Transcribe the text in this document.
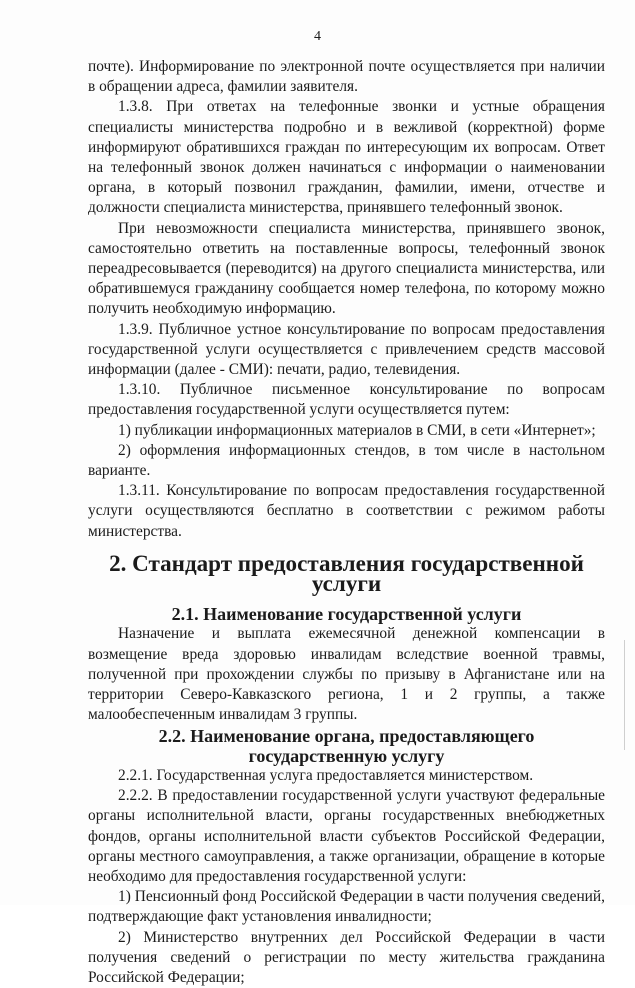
4

почте). Информирование по электронной почте осуществляется при наличии в обращении адреса, фамилии заявителя.

1.3.8. При ответах на телефонные звонки и устные обращения специалисты министерства подробно и в вежливой (корректной) форме информируют обратившихся граждан по интересующим их вопросам. Ответ на телефонный звонок должен начинаться с информации о наименовании органа, в который позвонил гражданин, фамилии, имени, отчестве и должности специалиста министерства, принявшего телефонный звонок.

При невозможности специалиста министерства, принявшего звонок, самостоятельно ответить на поставленные вопросы, телефонный звонок переадресовывается (переводится) на другого специалиста министерства, или обратившемуся гражданину сообщается номер телефона, по которому можно получить необходимую информацию.

1.3.9. Публичное устное консультирование по вопросам предоставления государственной услуги осуществляется с привлечением средств массовой информации (далее - СМИ): печати, радио, телевидения.

1.3.10. Публичное письменное консультирование по вопросам

предоставления государственной услуги осуществляется путем:

1) публикации информационных материалов в СМИ, в сети «Интернет»;

2) оформления информационных стендов, в том числе в настольном варианте.

1.3.11. Консультирование по вопросам предоставления государственной услуги осуществляются бесплатно в соответствии с режимом работы министерства.

2. Стандарт предоставления государственной услуги
2.1. Наименование государственной услуги

Назначение и выплата ежемесячной денежной компенсации в возмещение вреда здоровью инвалидам вследствие военной травмы, полученной при прохождении службы по призыву в Афганистане или на территории Северо-Кавказского региона, 1 и 2 группы, а также малообеспеченным инвалидам 3 группы.

2.2. Наименование органа, предоставляющего государственную услугу

2.2.1. Государственная услуга предоставляется министерством.

2.2.2. В предоставлении государственной услуги участвуют федеральные органы исполнительной власти, органы государственных внебюджетных фондов, органы исполнительной власти субъектов Российской Федерации, органы местного самоуправления, а также организации, обращение в которые необходимо для предоставления государственной услуги:

1) Пенсионный фонд Российской Федерации в части получения сведений, подтверждающие факт установления инвалидности;

2) Министерство внутренних дел Российской Федерации в части получения сведений о регистрации по месту жительства гражданина Российской Федерации;
